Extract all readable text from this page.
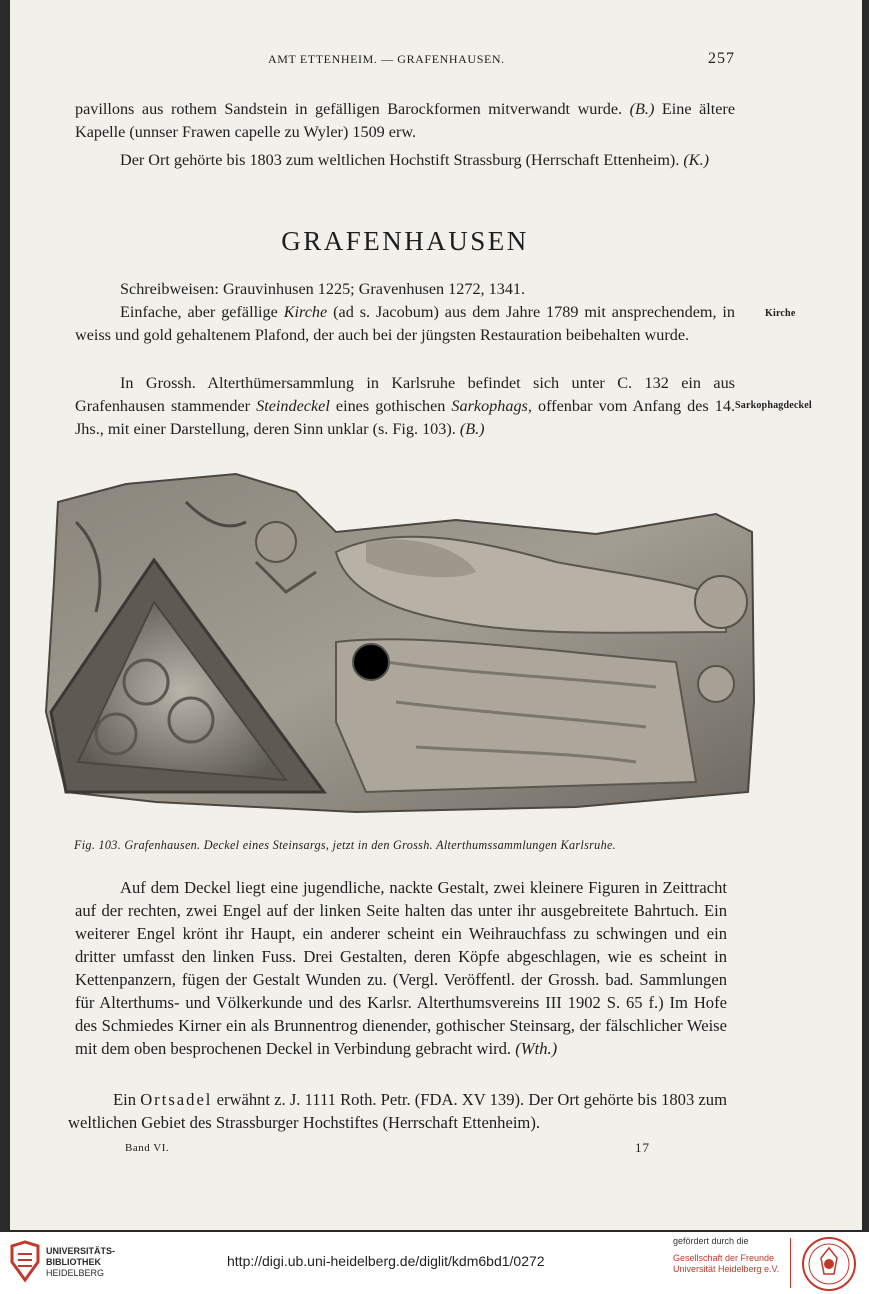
AMT ETTENHEIM. — GRAFENHAUSEN.	257

pavillons aus rothem Sandstein in gefälligen Barockformen mitverwandt wurde. (B.) Eine ältere Kapelle (unnser Frawen capelle zu Wyler) 1509 erw.

Der Ort gehörte bis 1803 zum weltlichen Hochstift Strassburg (Herrschaft Ettenheim). (K.)

GRAFENHAUSEN

Schreibweisen: Grauvinhusen 1225; Gravenhusen 1272, 1341.

Einfache, aber gefällige Kirche (ad s. Jacobum) aus dem Jahre 1789 mit ansprechendem, in weiss und gold gehaltenem Plafond, der auch bei der jüngsten Restauration beibehalten wurde.

In Grossh. Alterthümersammlung in Karlsruhe befindet sich unter C. 132 ein aus Grafenhausen stammender Steindeckel eines gothischen Sarkophags, offenbar vom Anfang des 14. Jhs., mit einer Darstellung, deren Sinn unklar (s. Fig. 103). (B.)

Kirche
Sarkophagdeckel
Fig. 103. Grafenhausen. Deckel eines Steinsargs, jetzt in den Grossh. Alterthumssammlungen Karlsruhe.

Auf dem Deckel liegt eine jugendliche, nackte Gestalt, zwei kleinere Figuren in Zeittracht auf der rechten, zwei Engel auf der linken Seite halten das unter ihr ausgebreitete Bahrtuch. Ein weiterer Engel krönt ihr Haupt, ein anderer scheint ein Weihrauchfass zu schwingen und ein dritter umfasst den linken Fuss. Drei Gestalten, deren Köpfe abgeschlagen, wie es scheint in Kettenpanzern, fügen der Gestalt Wunden zu. (Vergl. Veröffentl. der Grossh. bad. Sammlungen für Alterthums- und Völkerkunde und des Karlsr. Alterthumsvereins III 1902 S. 65 f.) Im Hofe des Schmiedes Kirner ein als Brunnentrog dienender, gothischer Steinsarg, der fälschlicher Weise mit dem oben besprochenen Deckel in Verbindung gebracht wird. (Wth.)

Ein Ortsadel erwähnt z. J. 1111 Roth. Petr. (FDA. XV 139). Der Ort gehörte bis 1803 zum weltlichen Gebiet des Strassburger Hochstiftes (Herrschaft Ettenheim).

Band VI.	17
UNIVERSITÄTS-
BIBLIOTHEK
HEIDELBERG
http://digi.ub.uni-heidelberg.de/diglit/kdm6bd1/0272
gefördert durch die
Gesellschaft der Freunde
Universität Heidelberg e.V.
